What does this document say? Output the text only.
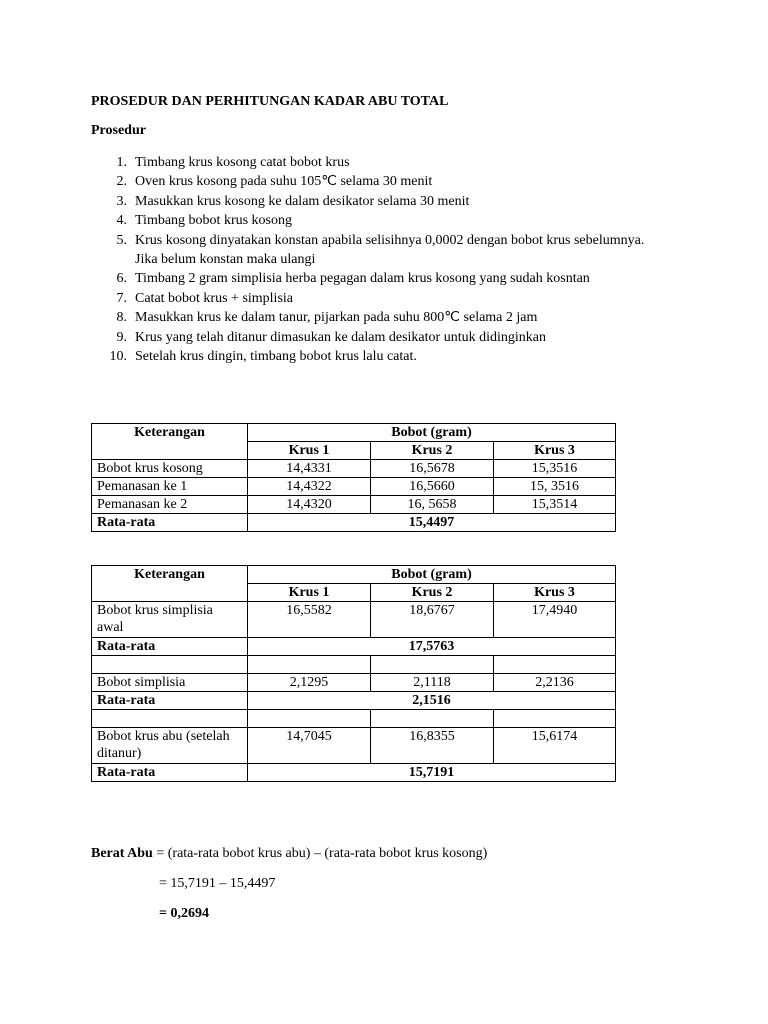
PROSEDUR DAN PERHITUNGAN KADAR ABU TOTAL
Prosedur
1. Timbang krus kosong catat bobot krus
2. Oven krus kosong pada suhu 105℃ selama 30 menit
3. Masukkan krus kosong ke dalam desikator selama 30 menit
4. Timbang bobot krus kosong
5. Krus kosong dinyatakan konstan apabila selisihnya 0,0002 dengan bobot krus sebelumnya.
Jika belum konstan maka ulangi
6. Timbang 2 gram simplisia herba pegagan dalam krus kosong yang sudah kosntan
7. Catat bobot krus + simplisia
8. Masukkan krus ke dalam tanur, pijarkan pada suhu 800℃ selama 2 jam
9. Krus yang telah ditanur dimasukan ke dalam desikator untuk didinginkan
10. Setelah krus dingin, timbang bobot krus lalu catat.
Keterangan	Bobot (gram)		
	Krus 1	Krus 2	Krus 3
Bobot krus kosong	14,4331	16,5678	15,3516
Pemanasan ke 1	14,4322	16,5660	15, 3516
Pemanasan ke 2	14,4320	16, 5658	15,3514
Rata-rata	15,4497		
Keterangan	Bobot (gram)		
	Krus 1	Krus 2	Krus 3
Bobot krus simplisia awal	16,5582	18,6767	17,4940
Rata-rata	17,5763		

Bobot simplisia	2,1295	2,1118	2,2136
Rata-rata	2,1516		

Bobot krus abu (setelah ditanur)	14,7045	16,8355	15,6174
Rata-rata	15,7191		
Berat Abu = (rata-rata bobot krus abu) – (rata-rata bobot krus kosong)
= 15,7191 – 15,4497
= 0,2694
